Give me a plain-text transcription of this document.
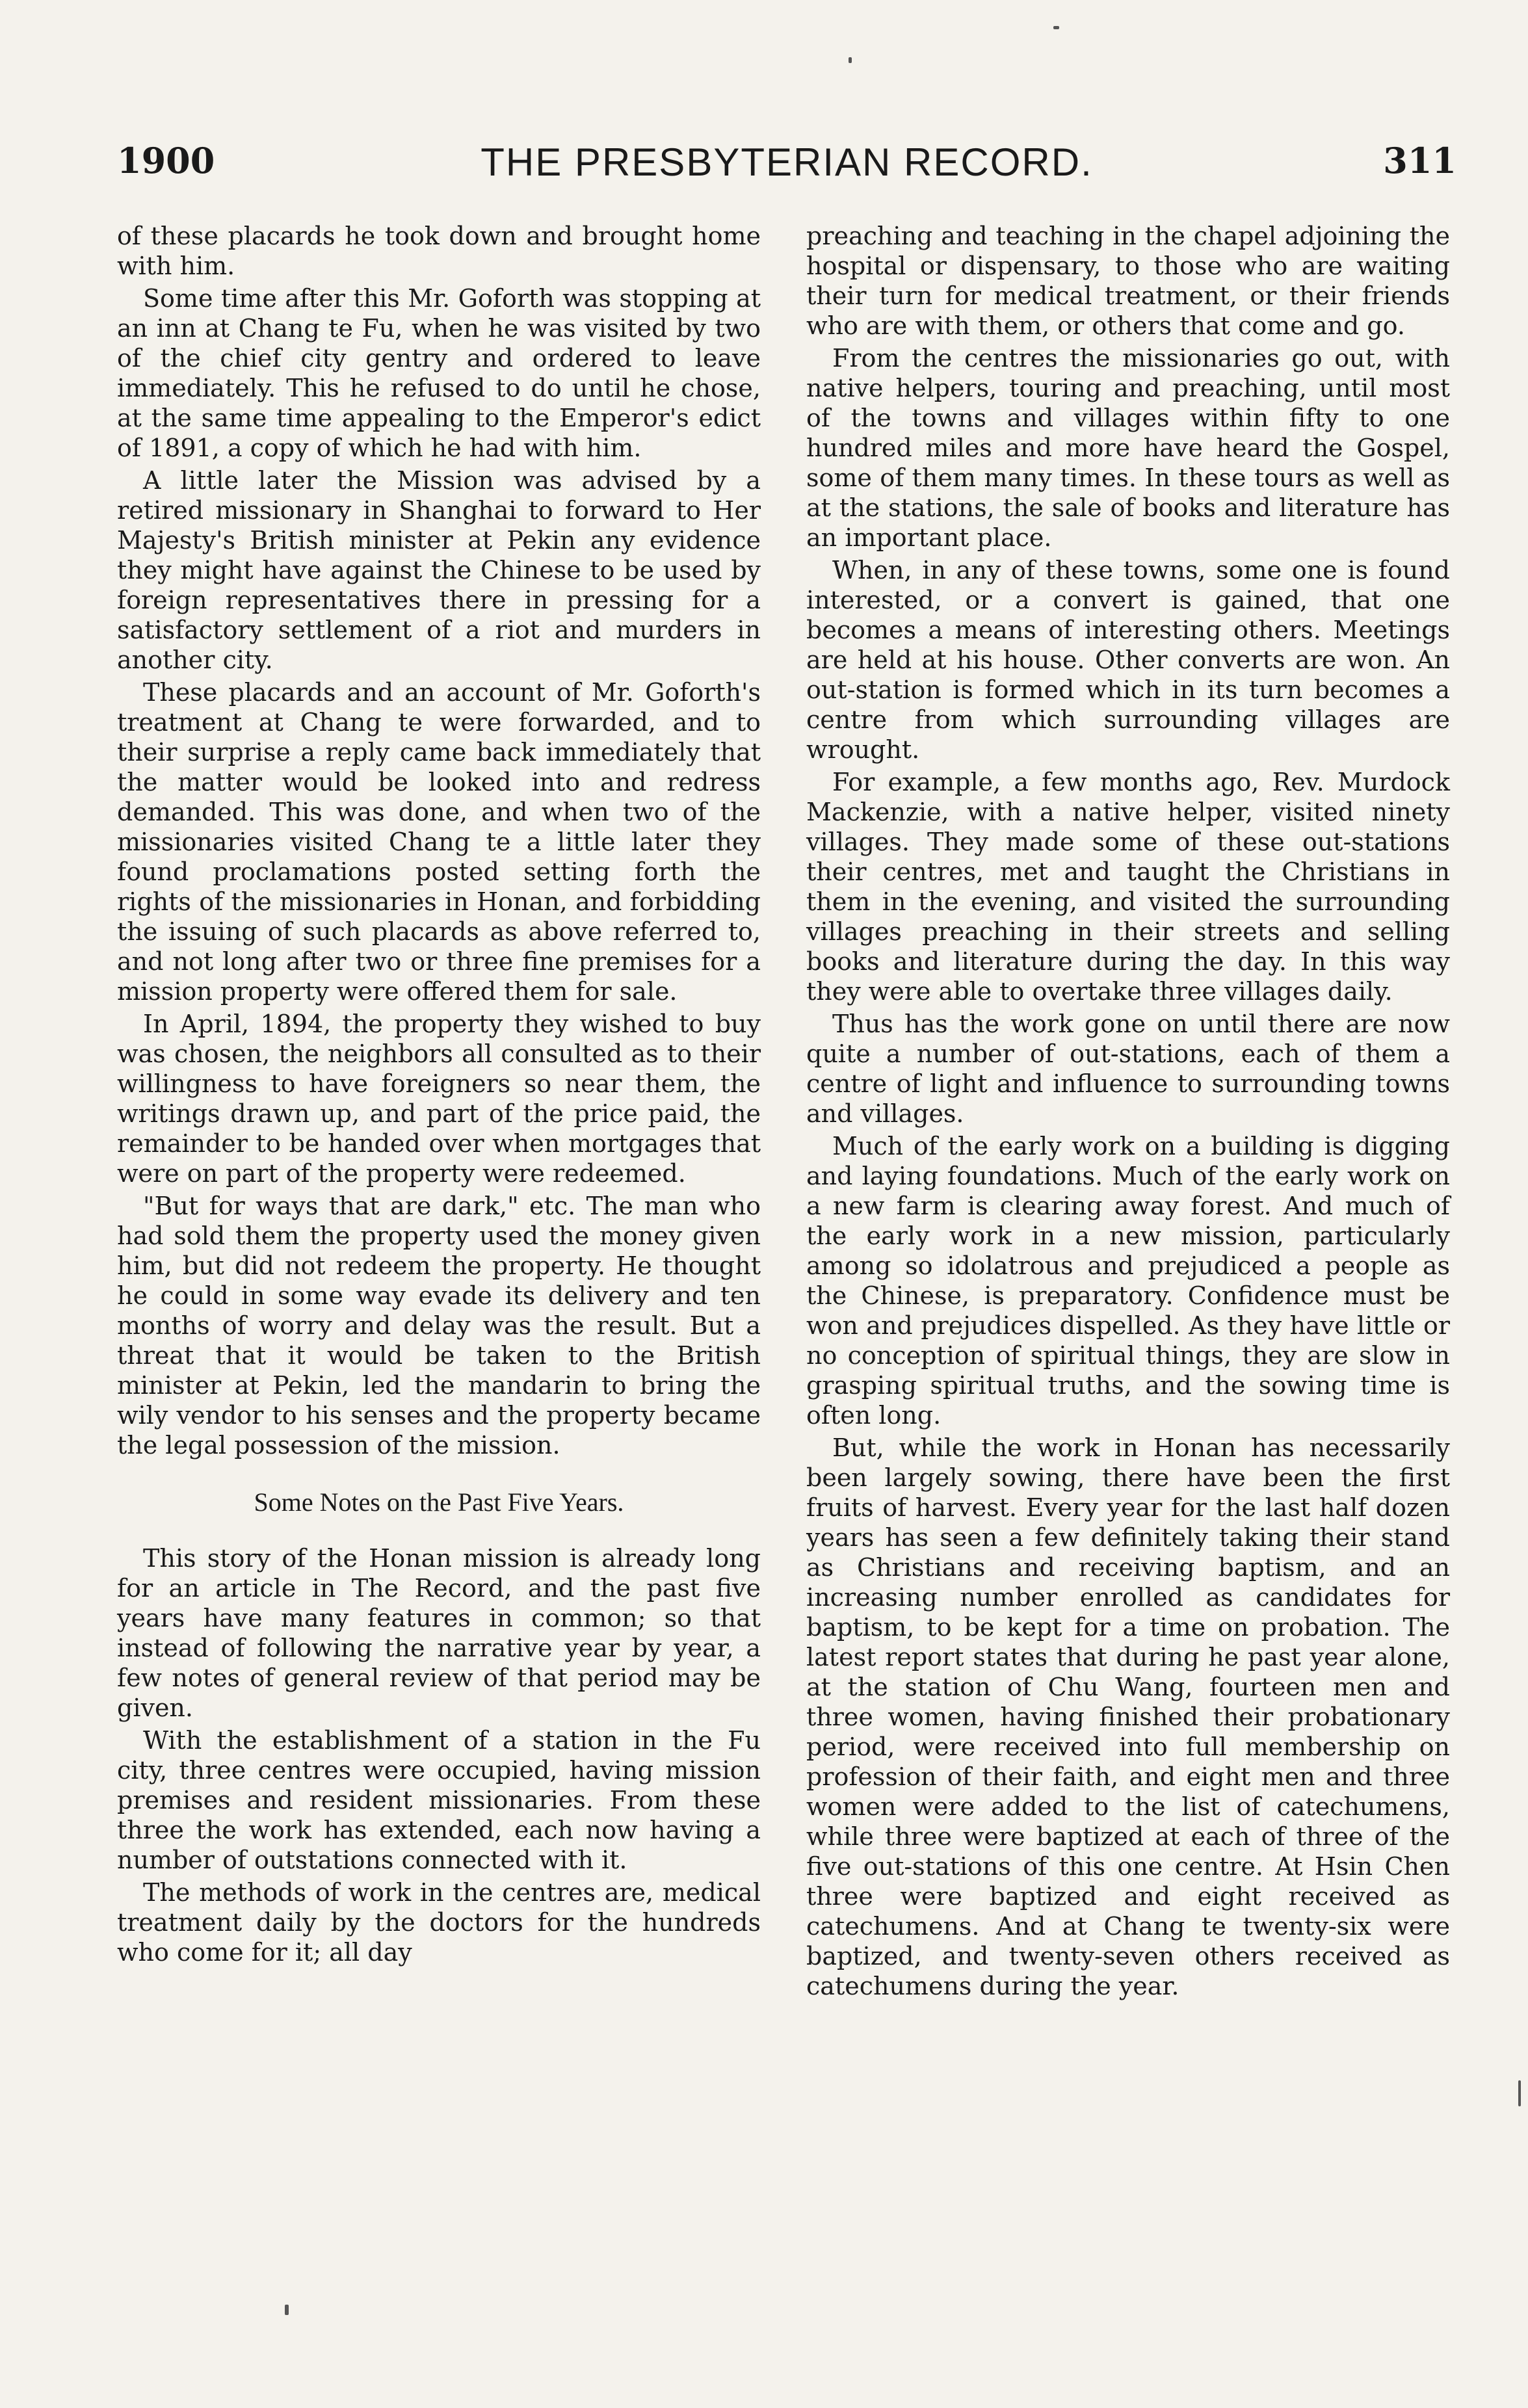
1900	THE PRESBYTERIAN RECORD.	311

of these placards he took down and brought home with him.

Some time after this Mr. Goforth was stopping at an inn at Chang te Fu, when he was visited by two of the chief city gentry and ordered to leave immediately. This he refused to do until he chose, at the same time appealing to the Emperor's edict of 1891, a copy of which he had with him.

A little later the Mission was advised by a retired missionary in Shanghai to forward to Her Majesty's British minister at Pekin any evidence they might have against the Chinese to be used by foreign representatives there in pressing for a satisfactory settlement of a riot and murders in another city.

These placards and an account of Mr. Goforth's treatment at Chang te were forwarded, and to their surprise a reply came back immediately that the matter would be looked into and redress demanded. This was done, and when two of the missionaries visited Chang te a little later they found proclamations posted setting forth the rights of the missionaries in Honan, and forbidding the issuing of such placards as above referred to, and not long after two or three fine premises for a mission property were offered them for sale.

In April, 1894, the property they wished to buy was chosen, the neighbors all consulted as to their willingness to have foreigners so near them, the writings drawn up, and part of the price paid, the remainder to be handed over when mortgages that were on part of the property were redeemed.

"But for ways that are dark," etc. The man who had sold them the property used the money given him, but did not redeem the property. He thought he could in some way evade its delivery and ten months of worry and delay was the result. But a threat that it would be taken to the British minister at Pekin, led the mandarin to bring the wily vendor to his senses and the property became the legal possession of the mission.

Some Notes on the Past Five Years.

This story of the Honan mission is already long for an article in The Record, and the past five years have many features in common; so that instead of following the narrative year by year, a few notes of general review of that period may be given.

With the establishment of a station in the Fu city, three centres were occupied, having mission premises and resident missionaries. From these three the work has extended, each now having a number of outstations connected with it.

The methods of work in the centres are, medical treatment daily by the doctors for the hundreds who come for it; all day

preaching and teaching in the chapel adjoining the hospital or dispensary, to those who are waiting their turn for medical treatment, or their friends who are with them, or others that come and go.

From the centres the missionaries go out, with native helpers, touring and preaching, until most of the towns and villages within fifty to one hundred miles and more have heard the Gospel, some of them many times. In these tours as well as at the stations, the sale of books and literature has an important place.

When, in any of these towns, some one is found interested, or a convert is gained, that one becomes a means of interesting others. Meetings are held at his house. Other converts are won. An out-station is formed which in its turn becomes a centre from which surrounding villages are wrought.

For example, a few months ago, Rev. Murdock Mackenzie, with a native helper, visited ninety villages. They made some of these out-stations their centres, met and taught the Christians in them in the evening, and visited the surrounding villages preaching in their streets and selling books and literature during the day. In this way they were able to overtake three villages daily.

Thus has the work gone on until there are now quite a number of out-stations, each of them a centre of light and influence to surrounding towns and villages.

Much of the early work on a building is digging and laying foundations. Much of the early work on a new farm is clearing away forest. And much of the early work in a new mission, particularly among so idolatrous and prejudiced a people as the Chinese, is preparatory. Confidence must be won and prejudices dispelled. As they have little or no conception of spiritual things, they are slow in grasping spiritual truths, and the sowing time is often long.

But, while the work in Honan has necessarily been largely sowing, there have been the first fruits of harvest. Every year for the last half dozen years has seen a few definitely taking their stand as Christians and receiving baptism, and an increasing number enrolled as candidates for baptism, to be kept for a time on probation. The latest report states that during he past year alone, at the station of Chu Wang, fourteen men and three women, having finished their probationary period, were received into full membership on profession of their faith, and eight men and three women were added to the list of catechumens, while three were baptized at each of three of the five out-stations of this one centre. At Hsin Chen three were baptized and eight received as catechumens. And at Chang te twenty-six were baptized, and twenty-seven others received as catechumens during the year.
